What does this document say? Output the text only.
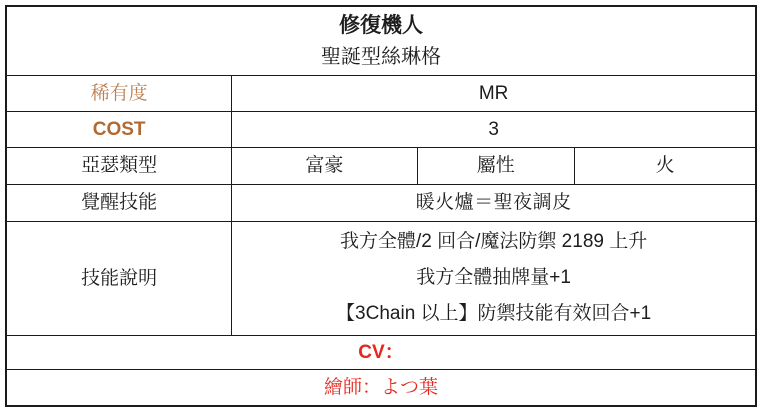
修復機人
聖誕型絲琳格			

稀有度	MR		
COST	3		
亞瑟類型	富豪	屬性	火
覺醒技能	暖火爐＝聖夜調皮		
技能說明	我方全體/2 回合/魔法防禦 2189 上升
我方全體抽牌量+1
【3Chain 以上】防禦技能有效回合+1		

CV：			
繪師：よつ葉			
